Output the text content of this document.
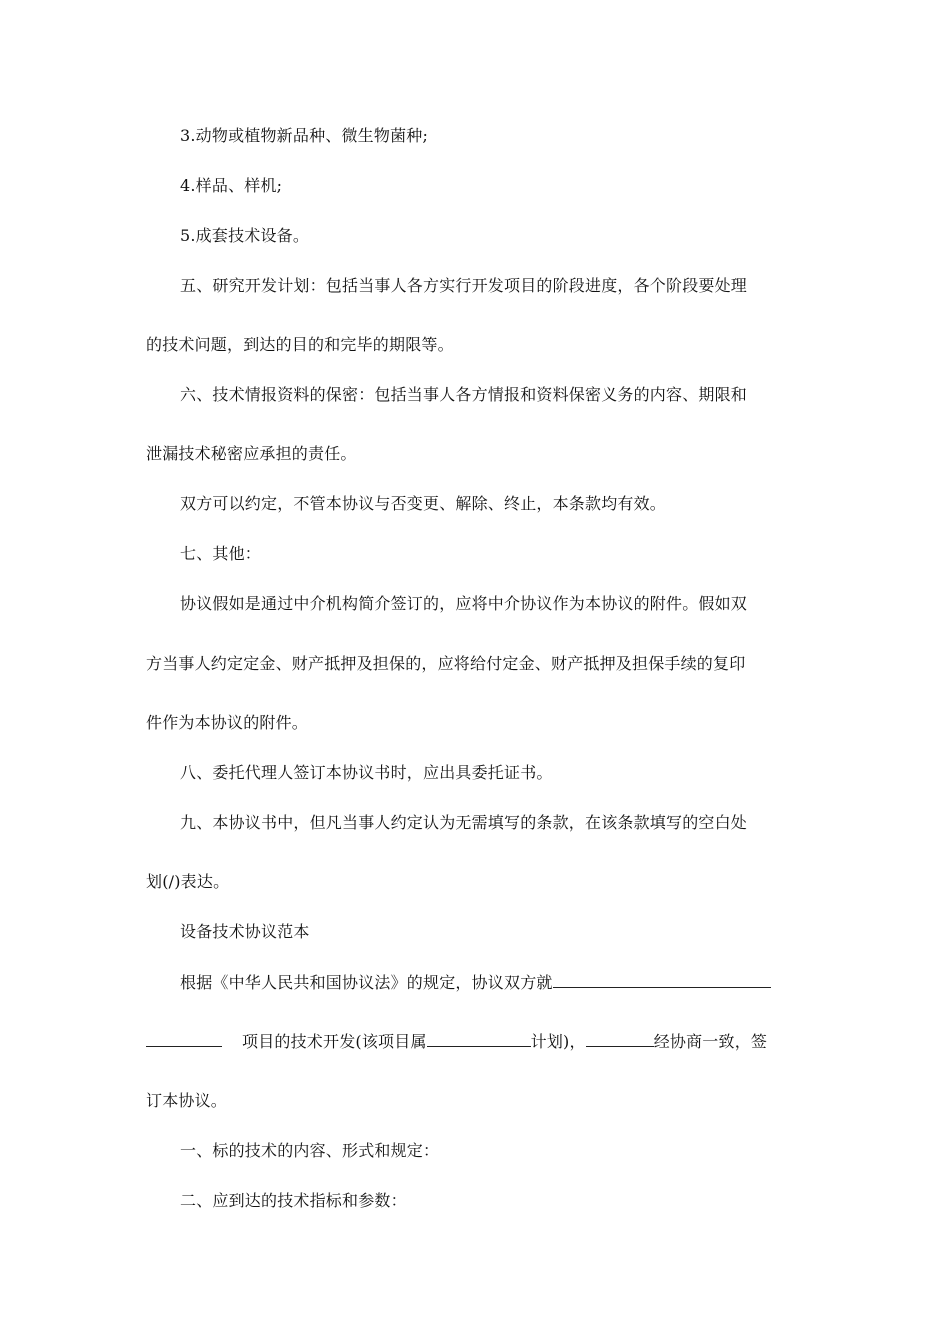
3.动物或植物新品种、微生物菌种;
4.样品、样机;
5.成套技术设备。
五、研究开发计划：包括当事人各方实行开发项目的阶段进度，各个阶段要处理
的技术问题，到达的目的和完毕的期限等。
六、技术情报资料的保密：包括当事人各方情报和资料保密义务的内容、期限和
泄漏技术秘密应承担的责任。
双方可以约定，不管本协议与否变更、解除、终止，本条款均有效。
七、其他：
协议假如是通过中介机构简介签订的，应将中介协议作为本协议的附件。假如双
方当事人约定定金、财产抵押及担保的，应将给付定金、财产抵押及担保手续的复印
件作为本协议的附件。
八、委托代理人签订本协议书时，应出具委托证书。
九、本协议书中，但凡当事人约定认为无需填写的条款，在该条款填写的空白处
划(/)表达。
设备技术协议范本
根据《中华人民共和国协议法》的规定，协议双方就
项目的技术开发(该项目属	计划)，	经协商一致，签
订本协议。
一、标的技术的内容、形式和规定：
二、应到达的技术指标和参数：
